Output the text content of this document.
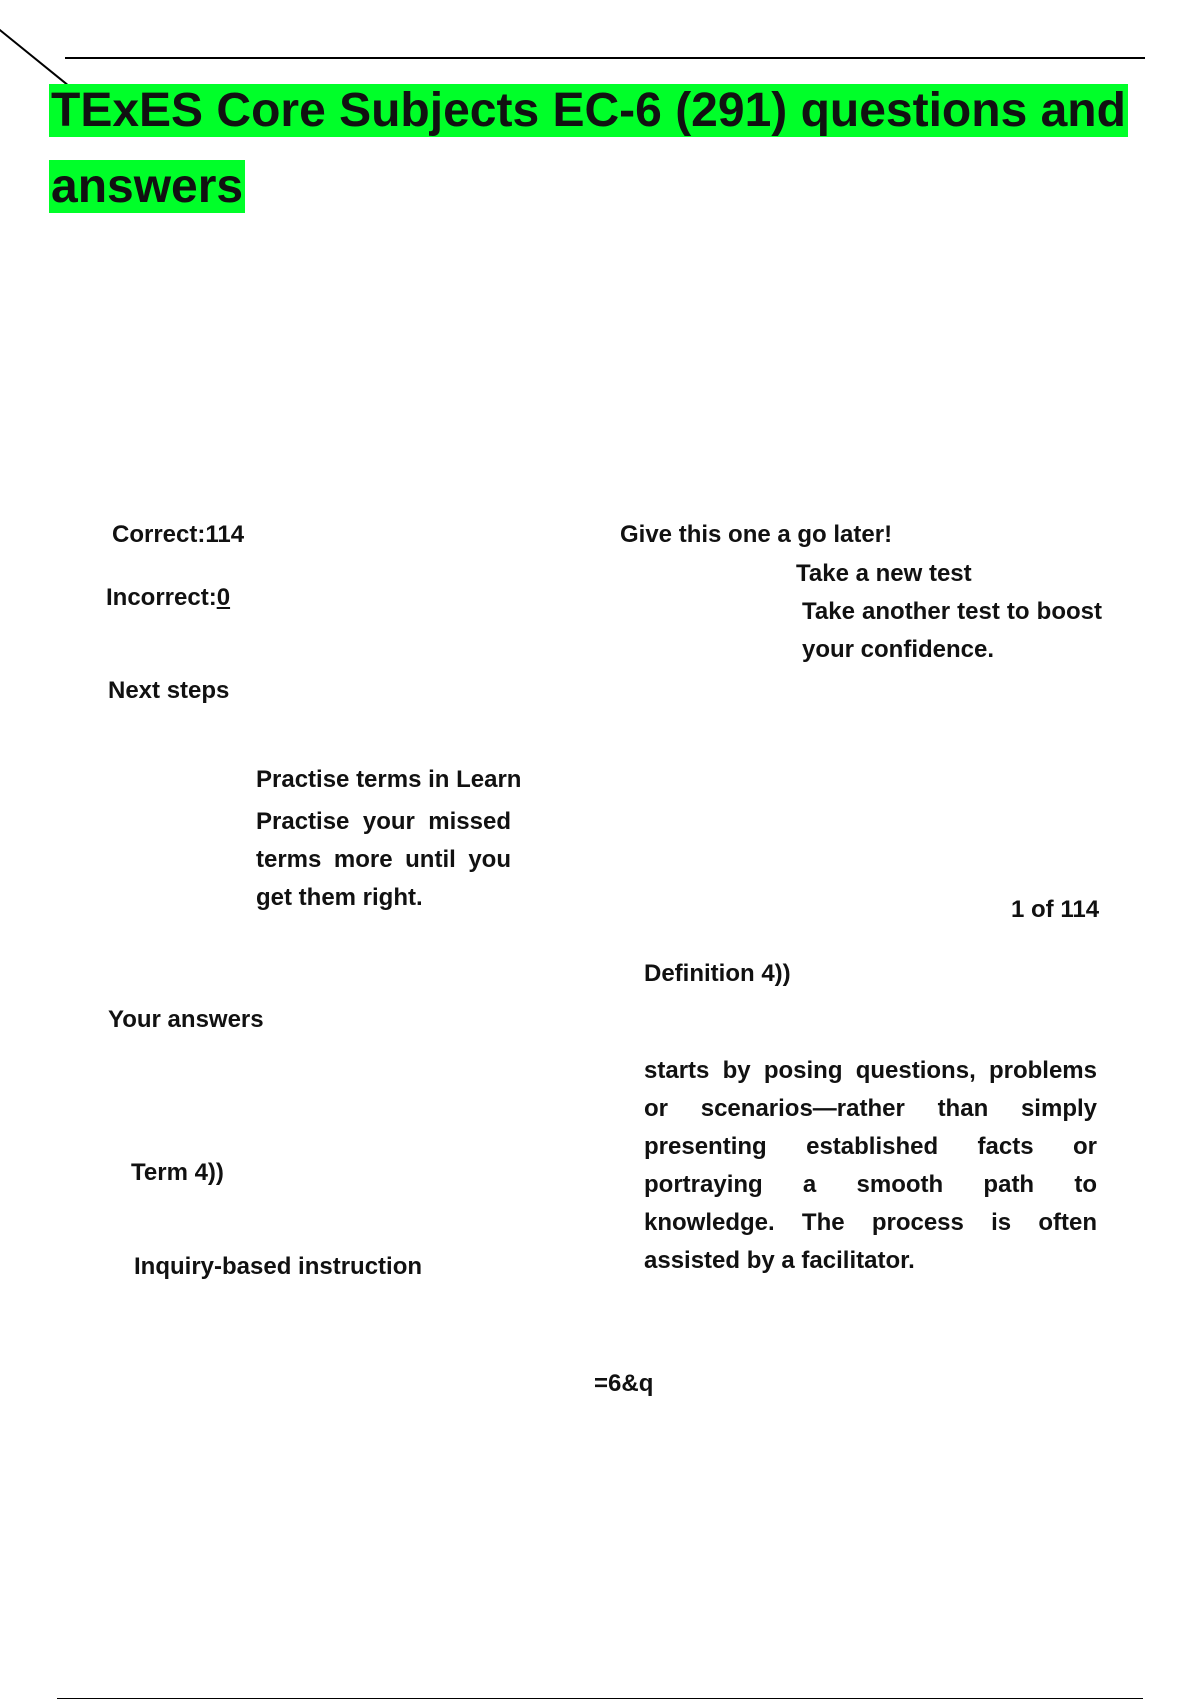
TExES Core Subjects EC-6 (291) questions and answers
Correct:114
Incorrect:0
Next steps
Give this one a go later!
Take a new test
Take another test to boost your confidence.
Practise terms in Learn
Practise your missed terms more until you get them right.	1 of 114
Definition 4))
Your answers
starts by posing questions, problems or scenarios—rather than simply presenting established facts or portraying a smooth path to knowledge. The process is often assisted by a facilitator.
Term 4))
Inquiry-based instruction
=6&q
